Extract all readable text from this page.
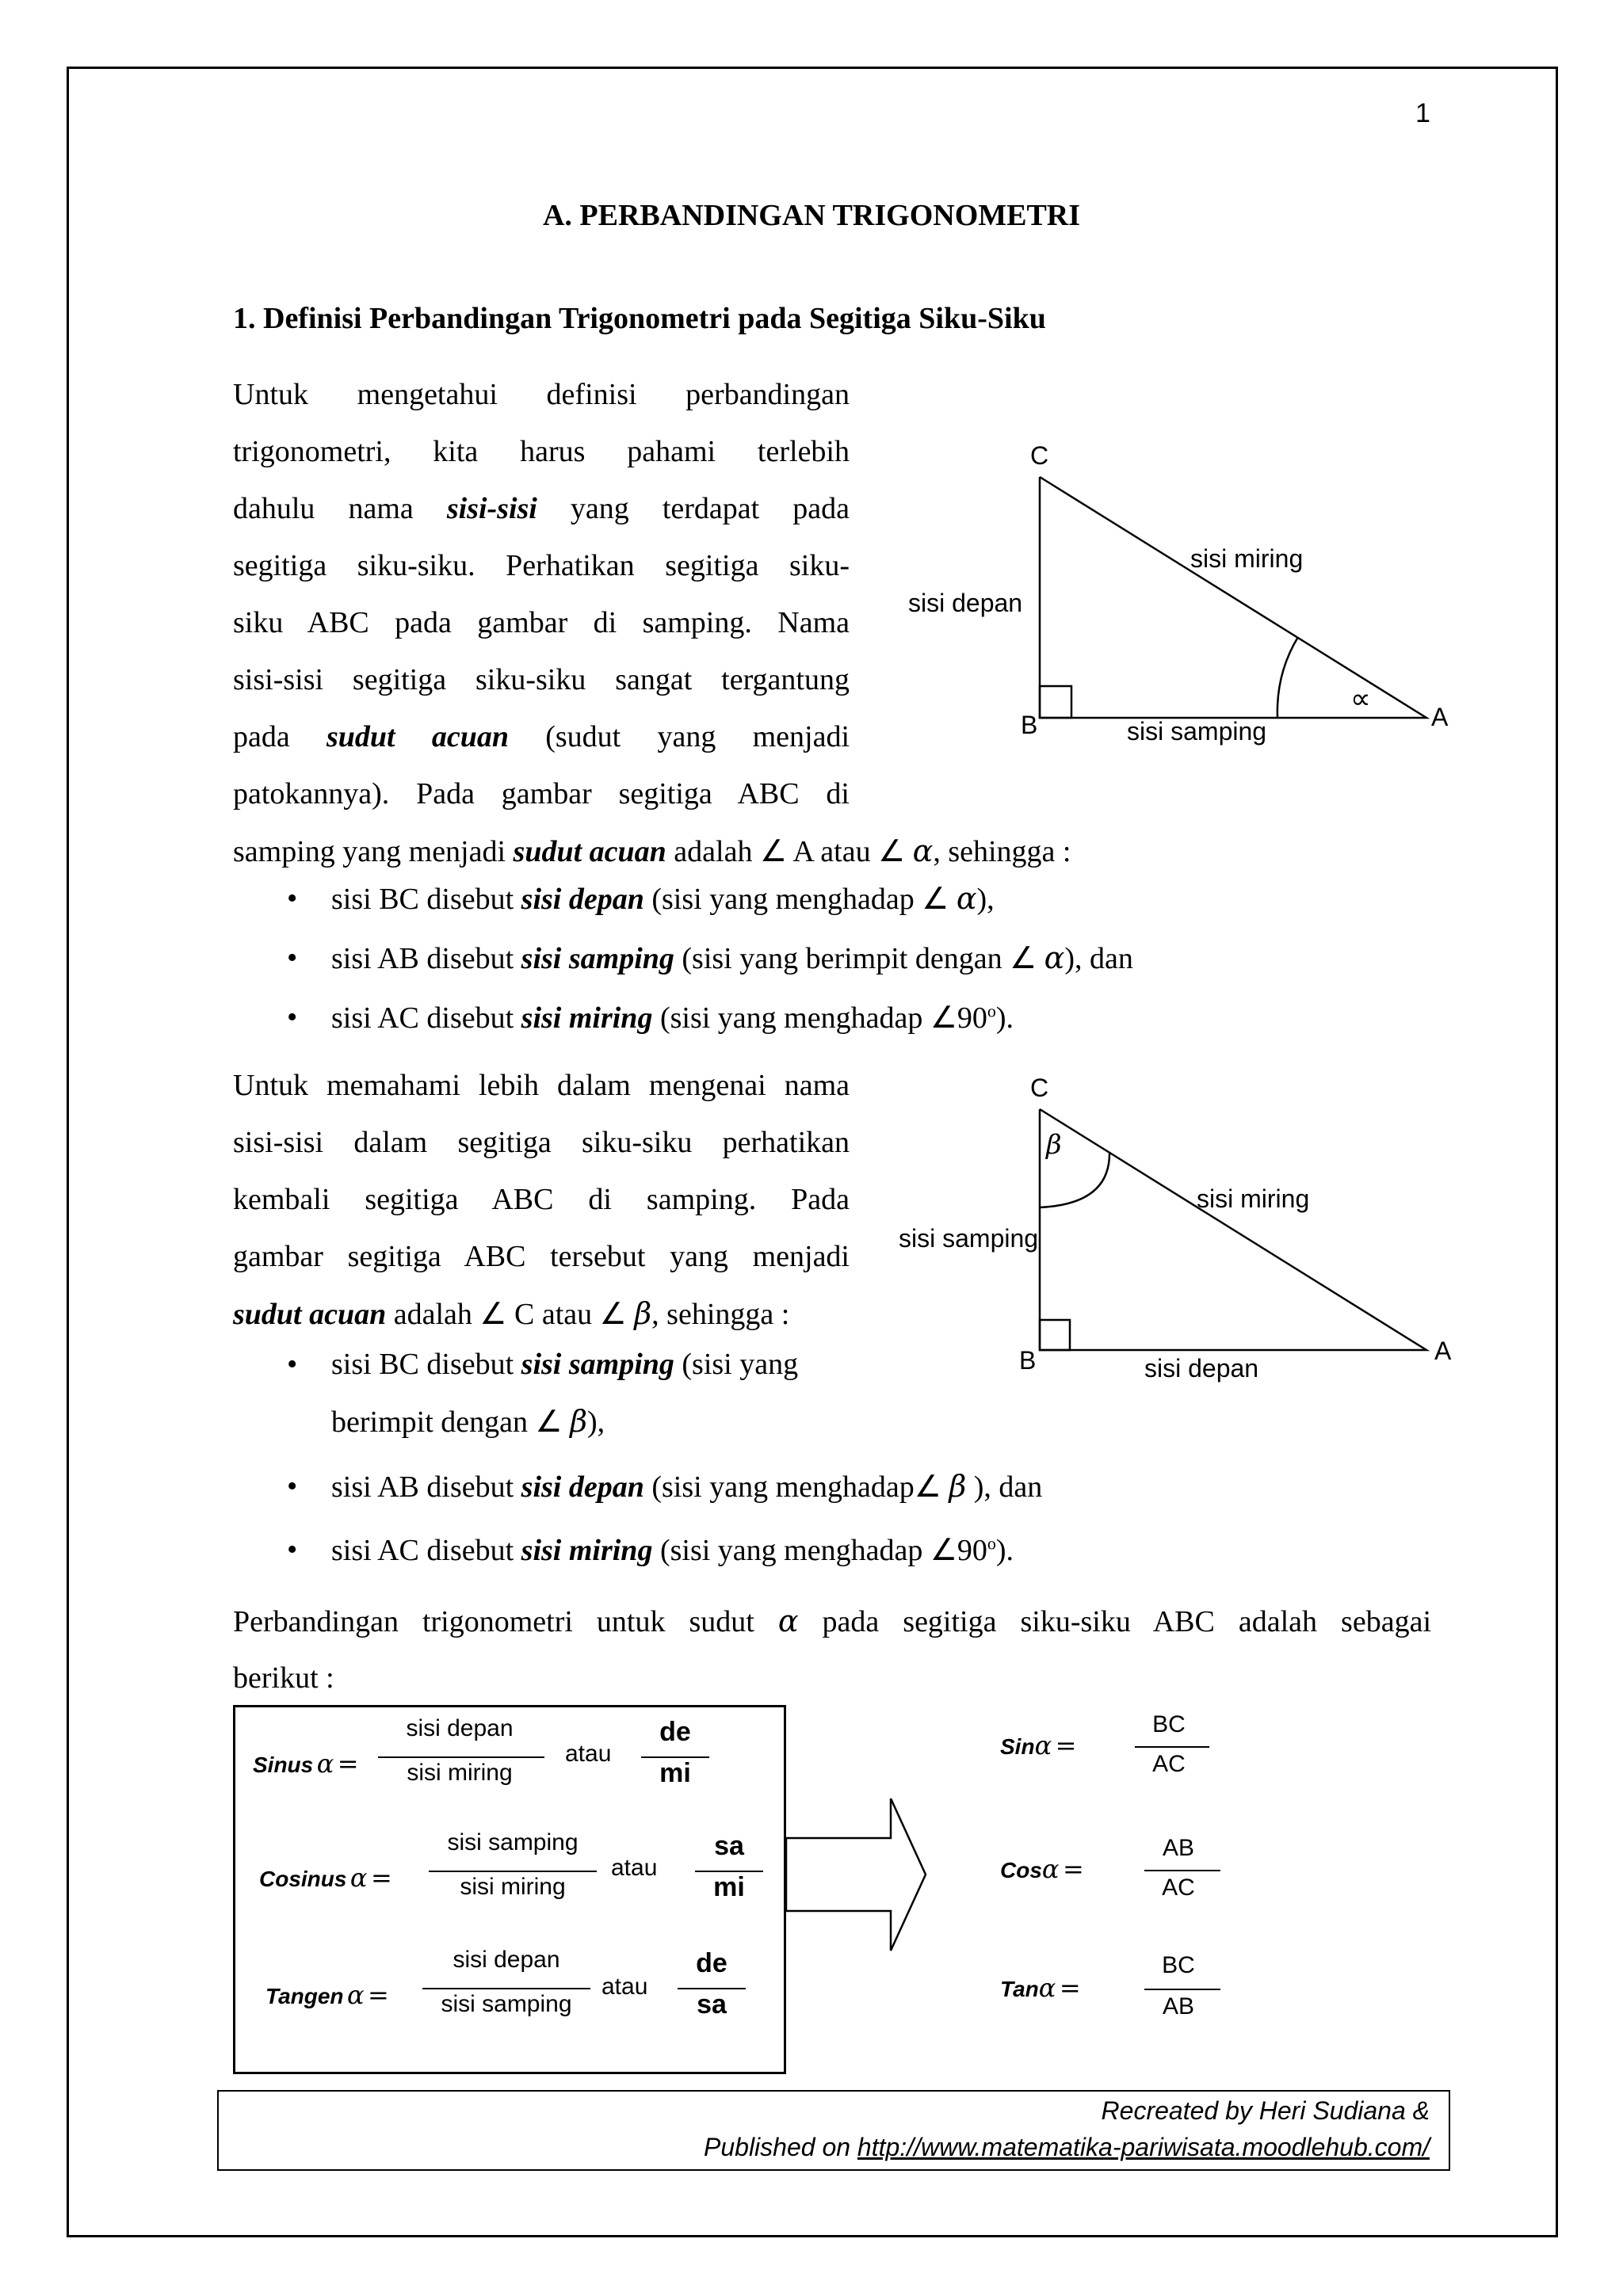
1
A. PERBANDINGAN TRIGONOMETRI
1. Definisi Perbandingan Trigonometri pada Segitiga Siku-Siku
Untuk mengetahui definisi perbandingan
trigonometri, kita harus pahami terlebih
dahulu nama sisi-sisi yang terdapat pada
segitiga siku-siku. Perhatikan segitiga siku-
siku ABC pada gambar di samping. Nama
sisi-sisi segitiga siku-siku sangat tergantung
pada sudut acuan (sudut yang menjadi
patokannya). Pada gambar segitiga ABC di
samping yang menjadi sudut acuan adalah ∠ A atau ∠ α, sehingga :
C
B	A
sisi depan
sisi miring
sisi samping
∝
• sisi BC disebut sisi depan (sisi yang menghadap ∠ α),
• sisi AB disebut sisi samping (sisi yang berimpit dengan ∠ α), dan
• sisi AC disebut sisi miring (sisi yang menghadap ∠90$^o$).
Untuk memahami lebih dalam mengenai nama
sisi-sisi dalam segitiga siku-siku perhatikan
kembali segitiga ABC di samping. Pada
gambar segitiga ABC tersebut yang menjadi
sudut acuan adalah ∠ C atau ∠ β, sehingga :
C
B	A
sisi samping
sisi miring
sisi depan
β
• sisi BC disebut sisi samping (sisi yang
berimpit dengan ∠ β),
• sisi AB disebut sisi depan (sisi yang menghadap∠ β ), dan
• sisi AC disebut sisi miring (sisi yang menghadap ∠90$^o$).
Perbandingan trigonometri untuk sudut α pada segitiga siku-siku ABC adalah sebagai
berikut :
Sinus α =
sisi depan
sisi miring
atau
de
mi
Cosinus α =
sisi samping
sisi miring
atau
sa
mi
Tangen α =
sisi depan
sisi samping
atau
de
sa
Sinα =
BC
AC
Cosα =
AB
AC
Tanα =
BC
AB
Recreated by Heri Sudiana &
Published on http://www.matematika-pariwisata.moodlehub.com/
